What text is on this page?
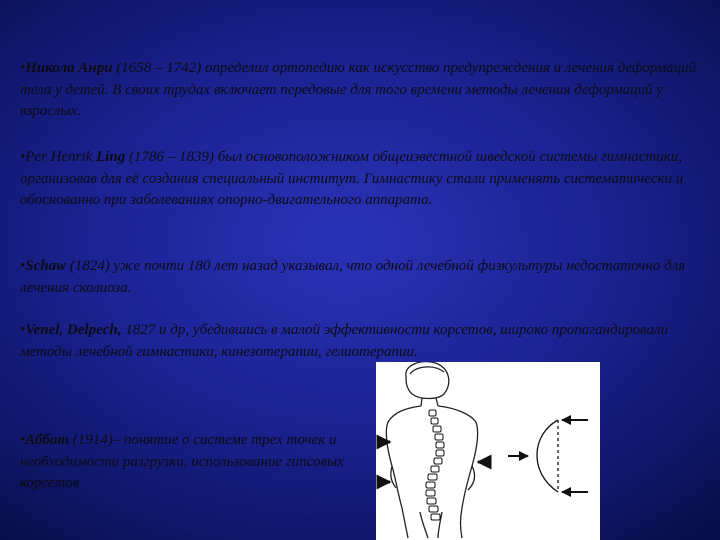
•Никола Анри (1658 – 1742) определил ортопедию как искусство предупреждения и лечения деформаций тела у детей. В своих трудах включает передовые для того времени методы лечения деформаций у взрослых.

•Per Henrik Ling (1786 – 1839) был основоположником общеизвестной шведской системы гимнастики, организовав для её создания специальный институт. Гимнастику стали применять систематически и обоснованно при заболеваниях опорно-двигательного аппарата.

•Schaw (1824) уже почти 180 лет назад указывал, что одной лечебной физкультуры недостаточно для лечения сколиоза.

•Venel, Delpech, 1827 и др, убедившись в малой эффективности корсетов, широко пропагандировали методы лечебной гимнастики, кинезотерапии, гелиотерапии.

•Аббот (1914)– понятие о системе трех точек и необходимости разгрузки, использование гипсовых корсетов
